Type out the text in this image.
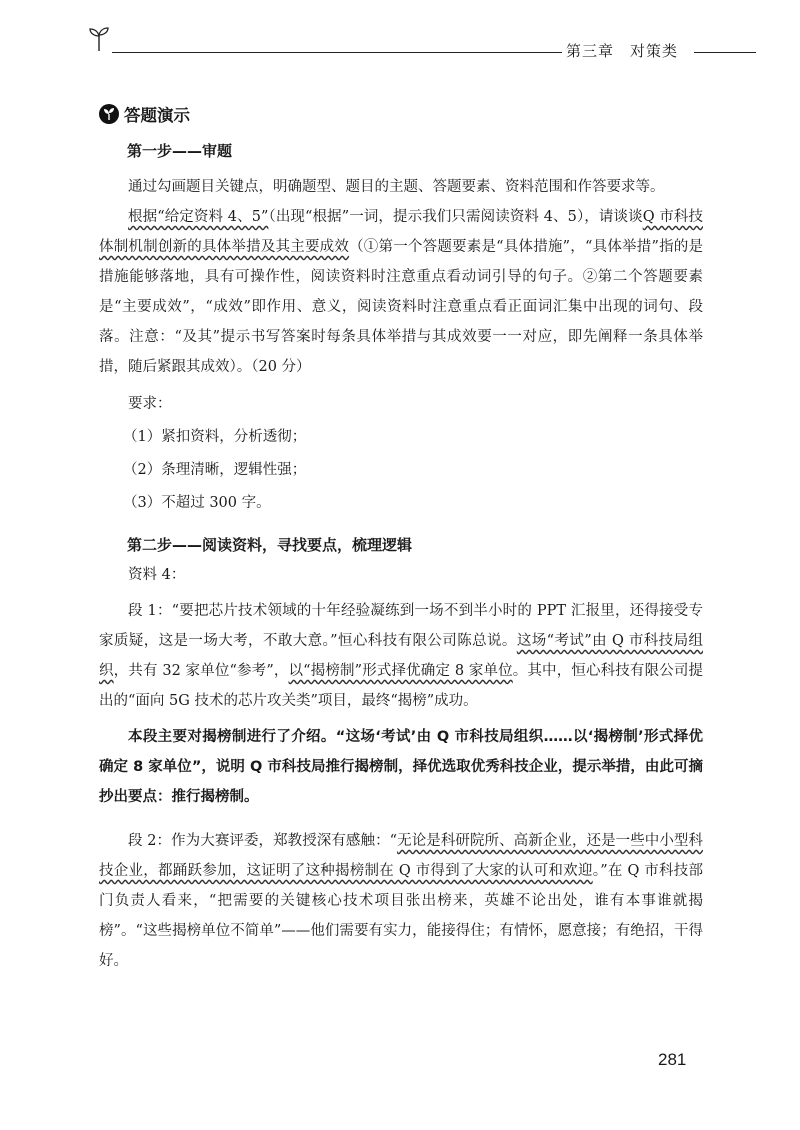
第三章　对策类
答题演示
第一步——审题

通过勾画题目关键点，明确题型、题目的主题、答题要素、资料范围和作答要求等。

根据“给定资料 4、5”（出现“根据”一词，提示我们只需阅读资料 4、5），请谈谈Q 市科技体制机制创新的具体举措及其主要成效（①第一个答题要素是“具体措施”，“具体举措”指的是措施能够落地，具有可操作性，阅读资料时注意重点看动词引导的句子。②第二个答题要素是“主要成效”，“成效”即作用、意义，阅读资料时注意重点看正面词汇集中出现的词句、段落。注意：“及其”提示书写答案时每条具体举措与其成效要一一对应，即先阐释一条具体举措，随后紧跟其成效）。（20 分）

要求：

（1）紧扣资料，分析透彻；

（2）条理清晰，逻辑性强；

（3）不超过 300 字。

第二步——阅读资料，寻找要点，梳理逻辑

资料 4：

段 1：“要把芯片技术领域的十年经验凝练到一场不到半小时的 PPT 汇报里，还得接受专家质疑，这是一场大考，不敢大意。”恒心科技有限公司陈总说。这场“考试”由 Q 市科技局组织，共有 32 家单位“参考”，以“揭榜制”形式择优确定 8 家单位。其中，恒心科技有限公司提出的“面向 5G 技术的芯片攻关类”项目，最终“揭榜”成功。

本段主要对揭榜制进行了介绍。“这场‘考试’由 Q 市科技局组织……以‘揭榜制’形式择优确定 8 家单位”，说明 Q 市科技局推行揭榜制，择优选取优秀科技企业，提示举措，由此可摘抄出要点：推行揭榜制。

段 2：作为大赛评委，郑教授深有感触：“无论是科研院所、高新企业，还是一些中小型科技企业，都踊跃参加，这证明了这种揭榜制在 Q 市得到了大家的认可和欢迎。”在 Q 市科技部门负责人看来，“把需要的关键核心技术项目张出榜来，英雄不论出处，谁有本事谁就揭榜”。“这些揭榜单位不简单”——他们需要有实力，能接得住；有情怀，愿意接；有绝招，干得好。

281
